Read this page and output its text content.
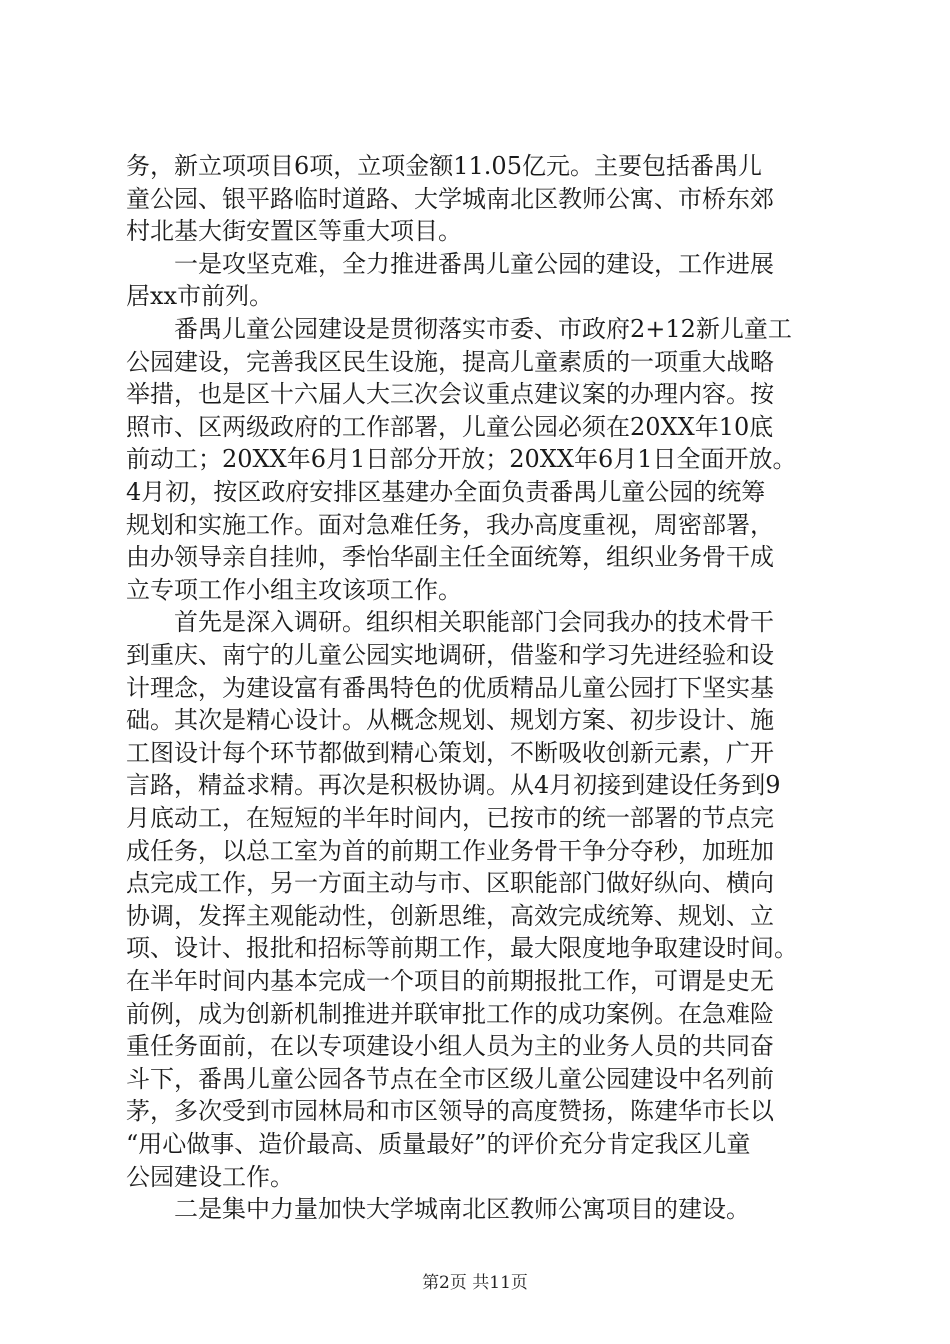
务，新立项项目6项，立项金额11.05亿元。主要包括番禺儿
童公园、银平路临时道路、大学城南北区教师公寓、市桥东郊
村北基大街安置区等重大项目。
　　一是攻坚克难，全力推进番禺儿童公园的建设，工作进展
居xx市前列。
　　番禺儿童公园建设是贯彻落实市委、市政府2+12新儿童工
公园建设，完善我区民生设施，提高儿童素质的一项重大战略
举措，也是区十六届人大三次会议重点建议案的办理内容。按
照市、区两级政府的工作部署，儿童公园必须在20XX年10底
前动工；20XX年6月1日部分开放；20XX年6月1日全面开放。
4月初，按区政府安排区基建办全面负责番禺儿童公园的统筹
规划和实施工作。面对急难任务，我办高度重视，周密部署，
由办领导亲自挂帅，季怡华副主任全面统筹，组织业务骨干成
立专项工作小组主攻该项工作。
　　首先是深入调研。组织相关职能部门会同我办的技术骨干
到重庆、南宁的儿童公园实地调研，借鉴和学习先进经验和设
计理念，为建设富有番禺特色的优质精品儿童公园打下坚实基
础。其次是精心设计。从概念规划、规划方案、初步设计、施
工图设计每个环节都做到精心策划，不断吸收创新元素，广开
言路，精益求精。再次是积极协调。从4月初接到建设任务到9
月底动工，在短短的半年时间内，已按市的统一部署的节点完
成任务，以总工室为首的前期工作业务骨干争分夺秒，加班加
点完成工作，另一方面主动与市、区职能部门做好纵向、横向
协调，发挥主观能动性，创新思维，高效完成统筹、规划、立
项、设计、报批和招标等前期工作，最大限度地争取建设时间。
在半年时间内基本完成一个项目的前期报批工作，可谓是史无
前例，成为创新机制推进并联审批工作的成功案例。在急难险
重任务面前，在以专项建设小组人员为主的业务人员的共同奋
斗下，番禺儿童公园各节点在全市区级儿童公园建设中名列前
茅，多次受到市园林局和市区领导的高度赞扬，陈建华市长以
“用心做事、造价最高、质量最好”的评价充分肯定我区儿童
公园建设工作。
　　二是集中力量加快大学城南北区教师公寓项目的建设。
第2页 共11页
